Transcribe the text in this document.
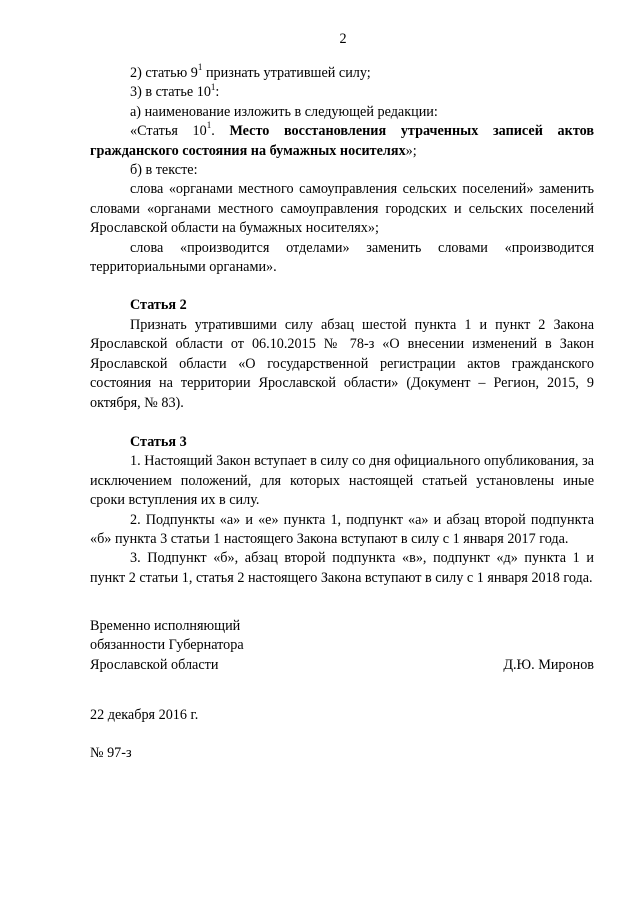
2

2) статью $9^1$ признать утратившей силу;

3) в статье $10^1$:

а) наименование изложить в следующей редакции:

«Статья $10^1$. Место восстановления утраченных записей актов гражданского состояния на бумажных носителях»;

б) в тексте:

слова «органами местного самоуправления сельских поселений» заменить словами «органами местного самоуправления городских и сельских поселений Ярославской области на бумажных носителях»;

слова «производится отделами» заменить словами «производится территориальными органами».

Статья 2

Признать утратившими силу абзац шестой пункта 1 и пункт 2 Закона Ярославской области от 06.10.2015 № 78-з «О внесении изменений в Закон Ярославской области «О государственной регистрации актов гражданского состояния на территории Ярославской области» (Документ – Регион, 2015, 9 октября, № 83).

Статья 3

1. Настоящий Закон вступает в силу со дня официального опубликования, за исключением положений, для которых настоящей статьей установлены иные сроки вступления их в силу.

2. Подпункты «а» и «е» пункта 1, подпункт «а» и абзац второй подпункта «б» пункта 3 статьи 1 настоящего Закона вступают в силу с 1 января 2017 года.

3. Подпункт «б», абзац второй подпункта «в», подпункт «д» пункта 1 и пункт 2 статьи 1, статья 2 настоящего Закона вступают в силу с 1 января 2018 года.

Временно исполняющий
обязанности Губернатора
Ярославской области	Д.Ю. Миронов
22 декабря 2016 г.
№ 97-з
